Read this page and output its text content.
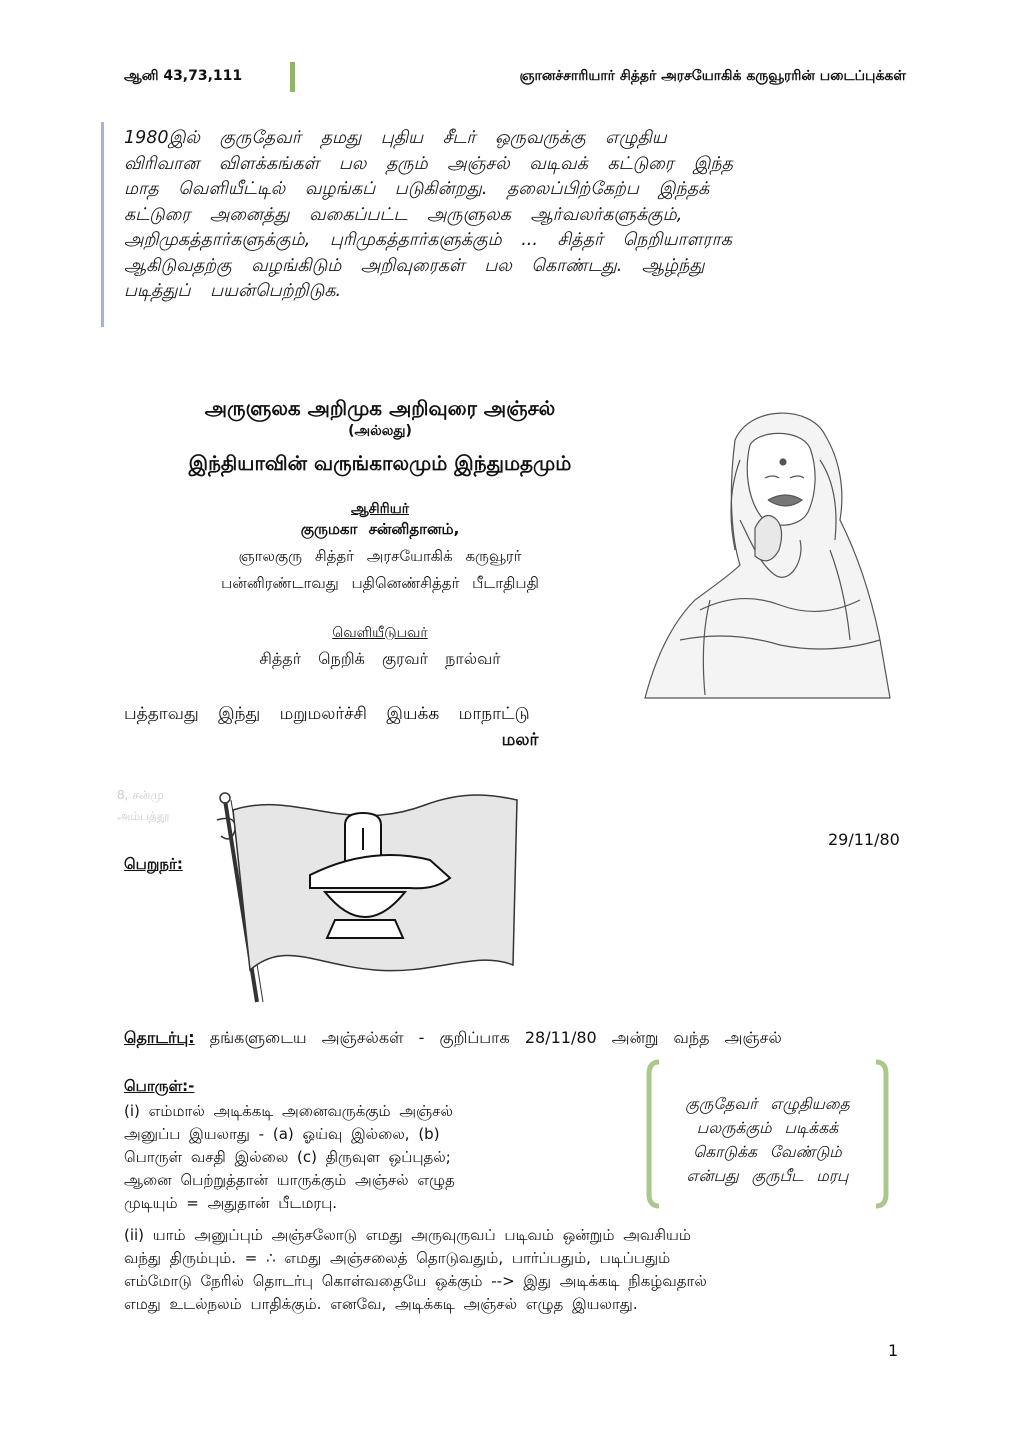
ஆனி 43,73,111	ஞானச்சாரியார் சித்தர் அரசயோகிக் கருவூரரின் படைப்புக்கள்

1980இல் குருதேவர் தமது புதிய சீடர் ஒருவருக்கு எழுதிய

விரிவான விளக்கங்கள் பல தரும் அஞ்சல் வடிவக் கட்டுரை இந்த

மாத வெளியீட்டில் வழங்கப் படுகின்றது. தலைப்பிற்கேற்ப இந்தக்

கட்டுரை அனைத்து வகைப்பட்ட அருளுலக ஆர்வலர்களுக்கும்,

அறிமுகத்தார்களுக்கும், புரிமுகத்தார்களுக்கும் ... சித்தர் நெறியாளராக

ஆகிடுவதற்கு வழங்கிடும் அறிவுரைகள் பல கொண்டது. ஆழ்ந்து

படித்துப் பயன்பெற்றிடுக.

அருளுலக அறிமுக அறிவுரை அஞ்சல்
(அல்லது)
இந்தியாவின் வருங்காலமும் இந்துமதமும்
ஆசிரியர்
குருமகா சன்னிதானம்,
ஞாலகுரு சித்தர் அரசயோகிக் கருவூரர்
பன்னிரண்டாவது பதினெண்சித்தர் பீடாதிபதி
வெளியீடுபவர்
சித்தர் நெறிக் குரவர் நால்வர்
பத்தாவது இந்து மறுமலர்ச்சி இயக்க மாநாட்டு
மலர்
8, சன்மு
அம்பத்தூ
29/11/80
பெறுநர்:
தொடர்பு: தங்களுடைய அஞ்சல்கள் - குறிப்பாக 28/11/80 அன்று வந்த அஞ்சல்
பொருள்:-

(i) எம்மால் அடிக்கடி அனைவருக்கும் அஞ்சல்

அனுப்ப இயலாது - (a) ஓய்வு இல்லை, (b)

பொருள் வசதி இல்லை (c) திருவுள ஒப்புதல்;

ஆனை பெற்றுத்தான் யாருக்கும் அஞ்சல் எழுத

முடியும் = அதுதான் பீடமரபு.

குருதேவர் எழுதியதை

பலருக்கும் படிக்கக்

கொடுக்க வேண்டும்

என்பது குருபீட மரபு

(ii) யாம் அனுப்பும் அஞ்சலோடு எமது அருவுருவப் படிவம் ஒன்றும் அவசியம்

வந்து திரும்பும். = ∴ எமது அஞ்சலைத் தொடுவதும், பார்ப்பதும், படிப்பதும்

எம்மோடு நேரில் தொடர்பு கொள்வதையே ஒக்கும் --> இது அடிக்கடி நிகழ்வதால்

எமது உடல்நலம் பாதிக்கும். எனவே, அடிக்கடி அஞ்சல் எழுத இயலாது.

1
